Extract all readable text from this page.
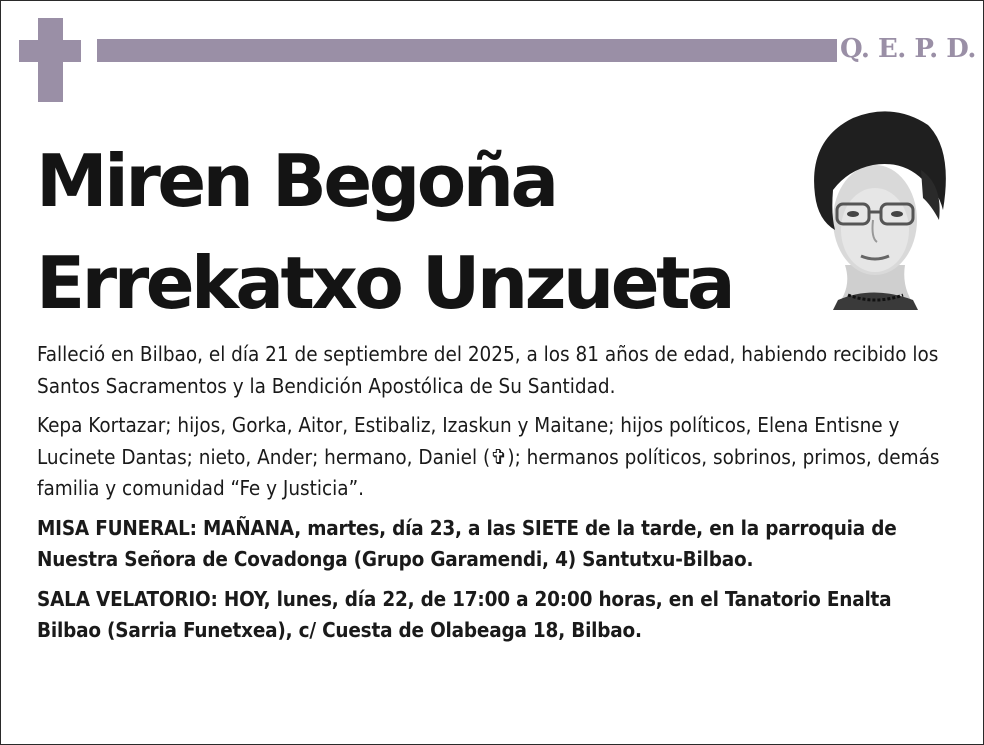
Q. E. P. D.
Miren Begoña
Errekatxo Unzueta

Falleció en Bilbao, el día 21 de septiembre del 2025, a los 81 años de edad, habiendo recibido los Santos Sacramentos y la Bendición Apostólica de Su Santidad.

Kepa Kortazar; hijos, Gorka, Aitor, Estibaliz, Izaskun y Maitane; hijos políticos, Elena Entisne y Lucinete Dantas; nieto, Ander; hermano, Daniel (✞); hermanos políticos, sobrinos, primos, demás familia y comunidad “Fe y Justicia”.

MISA FUNERAL: MAÑANA, martes, día 23, a las SIETE de la tarde, en la parroquia de Nuestra Señora de Covadonga (Grupo Garamendi, 4) Santutxu-Bilbao.

SALA VELATORIO: HOY, lunes, día 22, de 17:00 a 20:00 horas, en el Tanatorio Enalta Bilbao (Sarria Funetxea), c/ Cuesta de Olabeaga 18, Bilbao.
